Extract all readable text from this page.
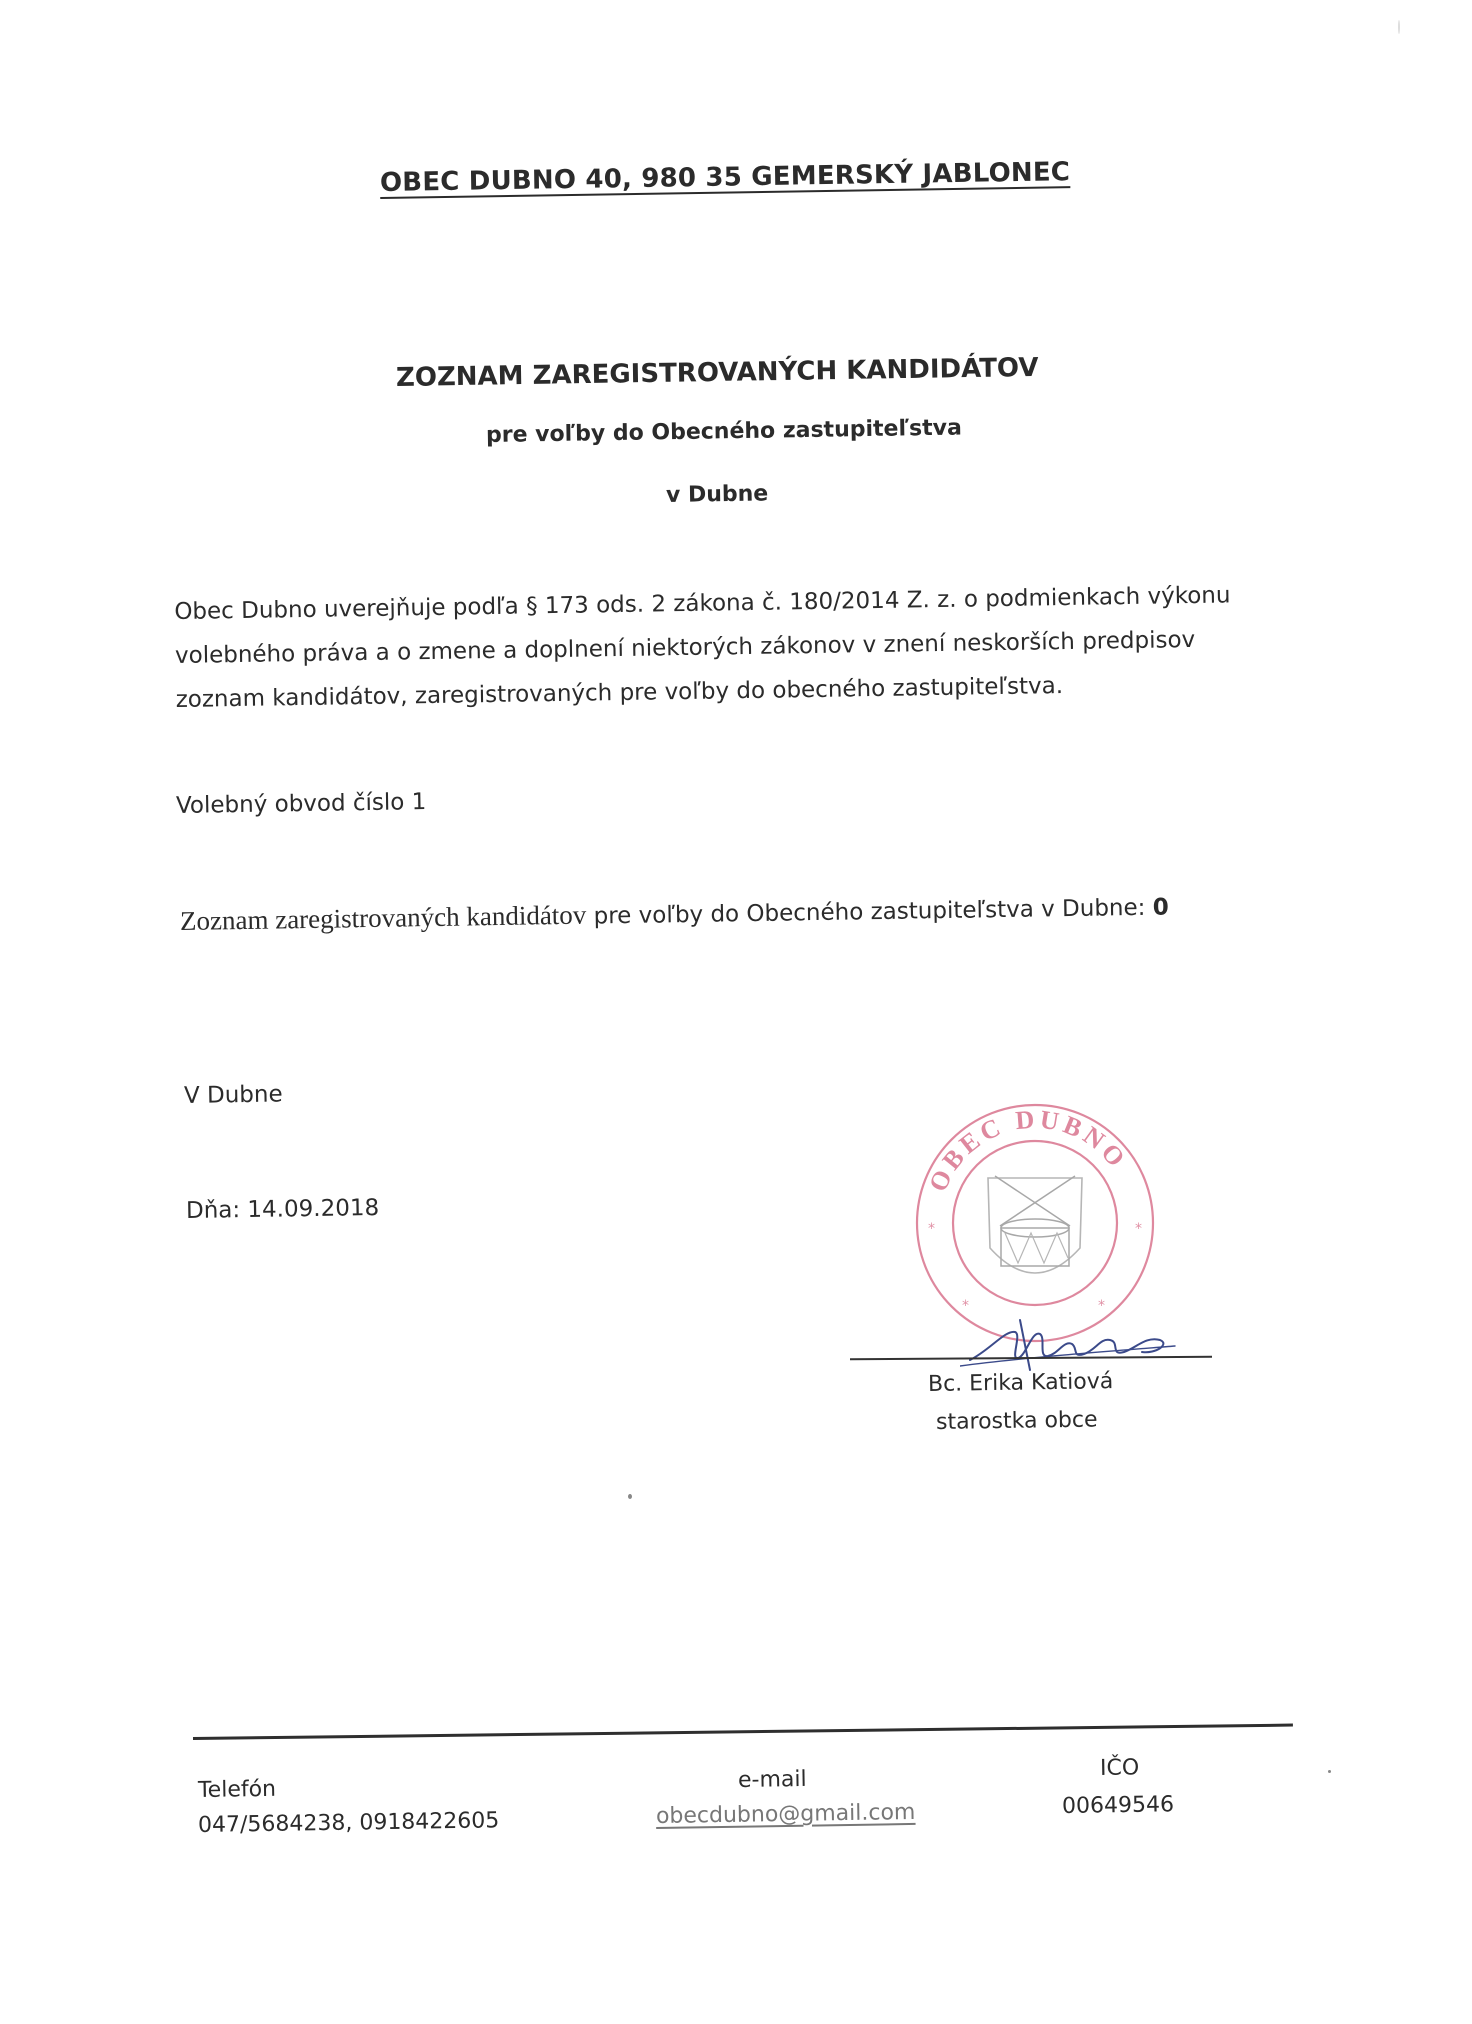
OBEC DUBNO 40, 980 35 GEMERSKÝ JABLONEC
ZOZNAM ZAREGISTROVANÝCH KANDIDÁTOV
pre voľby do Obecného zastupiteľstva
v Dubne
Obec Dubno uverejňuje podľa § 173 ods. 2 zákona č. 180/2014 Z. z. o podmienkach výkonu
volebného práva a o zmene a doplnení niektorých zákonov v znení neskorších predpisov
zoznam kandidátov, zaregistrovaných pre voľby do obecného zastupiteľstva.
Volebný obvod číslo 1
Zoznam zaregistrovaných kandidátov pre voľby do Obecného zastupiteľstva v Dubne: 0
V Dubne
Dňa: 14.09.2018
OBEC DUBNO
*	*
*	*
Bc. Erika Katiová
starostka obce
Telefón
047/5684238, 0918422605
e-mail
obecdubno@gmail.com
IČO
00649546
